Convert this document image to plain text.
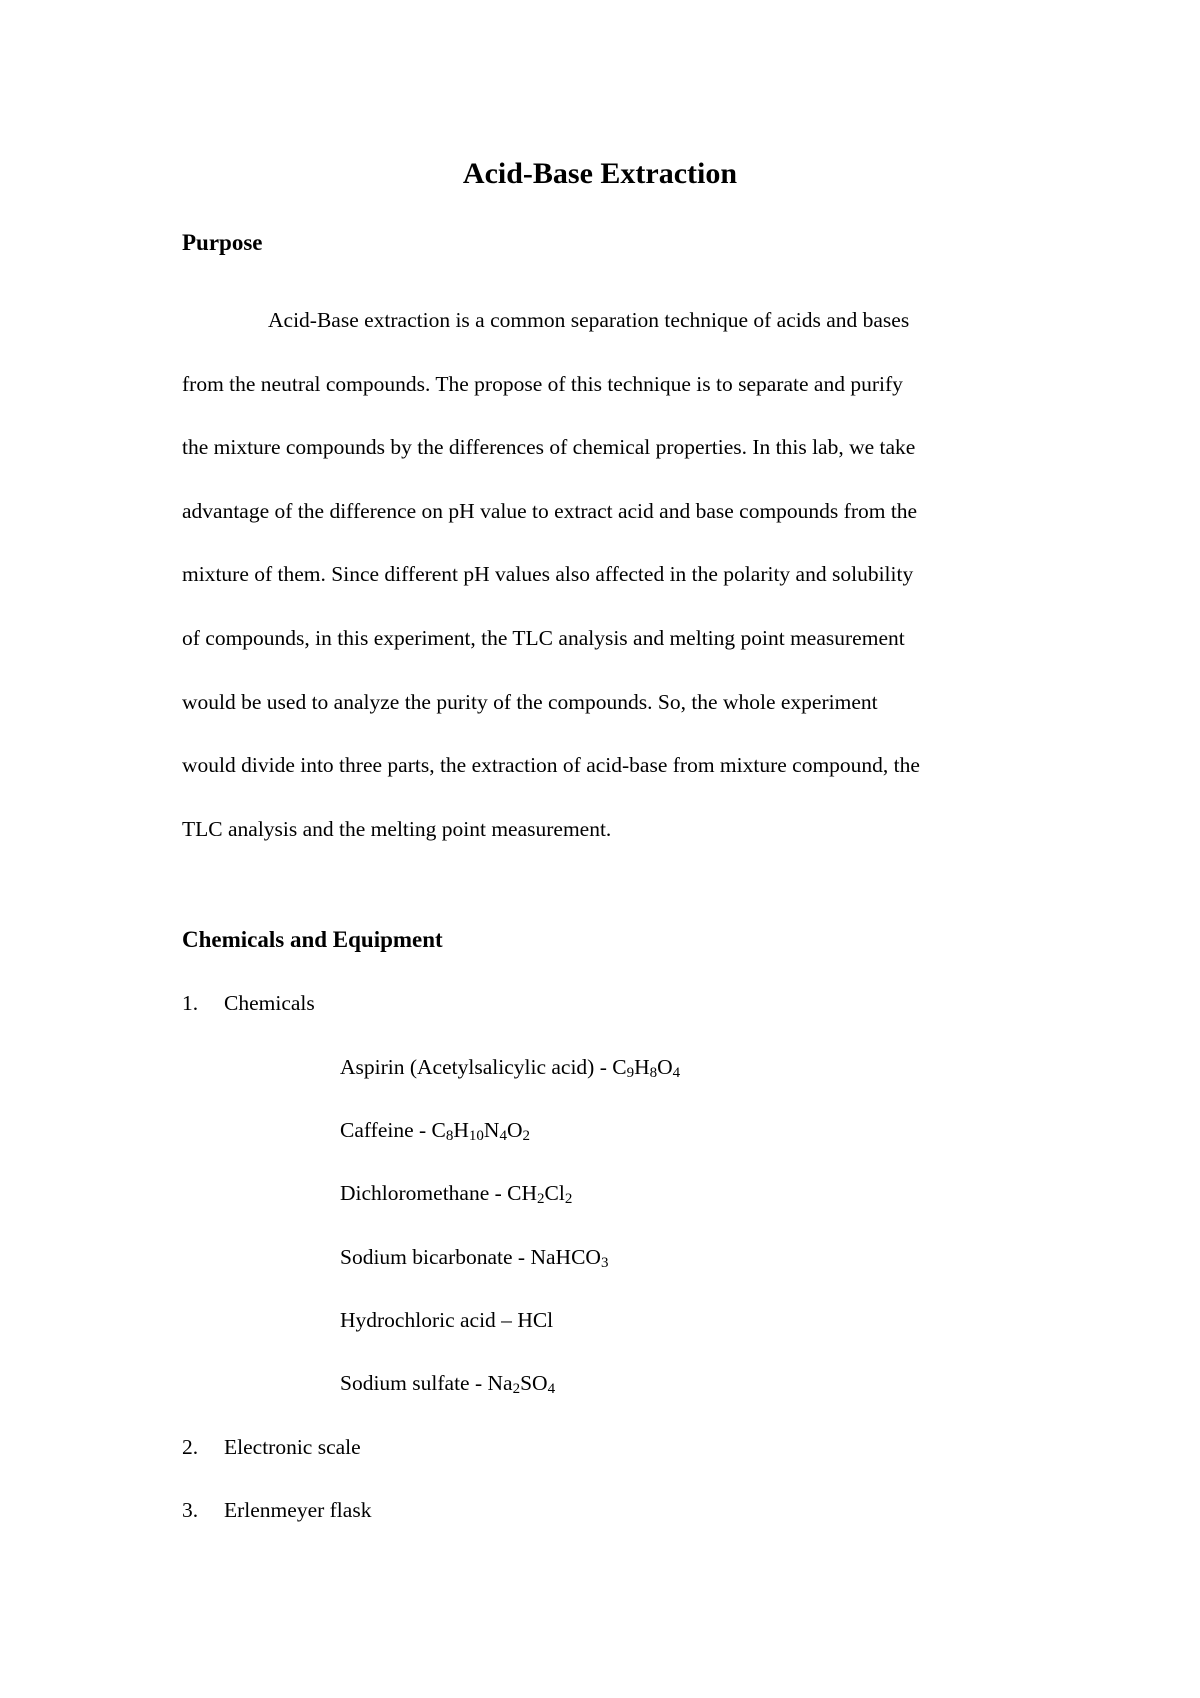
Acid-Base Extraction
Purpose

Acid-Base extraction is a common separation technique of acids and bases
from the neutral compounds. The propose of this technique is to separate and purify
the mixture compounds by the differences of chemical properties. In this lab, we take
advantage of the difference on pH value to extract acid and base compounds from the
mixture of them. Since different pH values also affected in the polarity and solubility
of compounds, in this experiment, the TLC analysis and melting point measurement
would be used to analyze the purity of the compounds. So, the whole experiment
would divide into three parts, the extraction of acid-base from mixture compound, the
TLC analysis and the melting point measurement.

Chemicals and Equipment
1. Chemicals
Aspirin (Acetylsalicylic acid) - $C_9H_8O_4$
Caffeine - $C_8H_{10}N_4O_2$
Dichloromethane - $CH_2Cl_2$
Sodium bicarbonate - NaHCO$_3$
Hydrochloric acid – HCl
Sodium sulfate - $Na_2SO_4$
2. Electronic scale
3. Erlenmeyer flask
